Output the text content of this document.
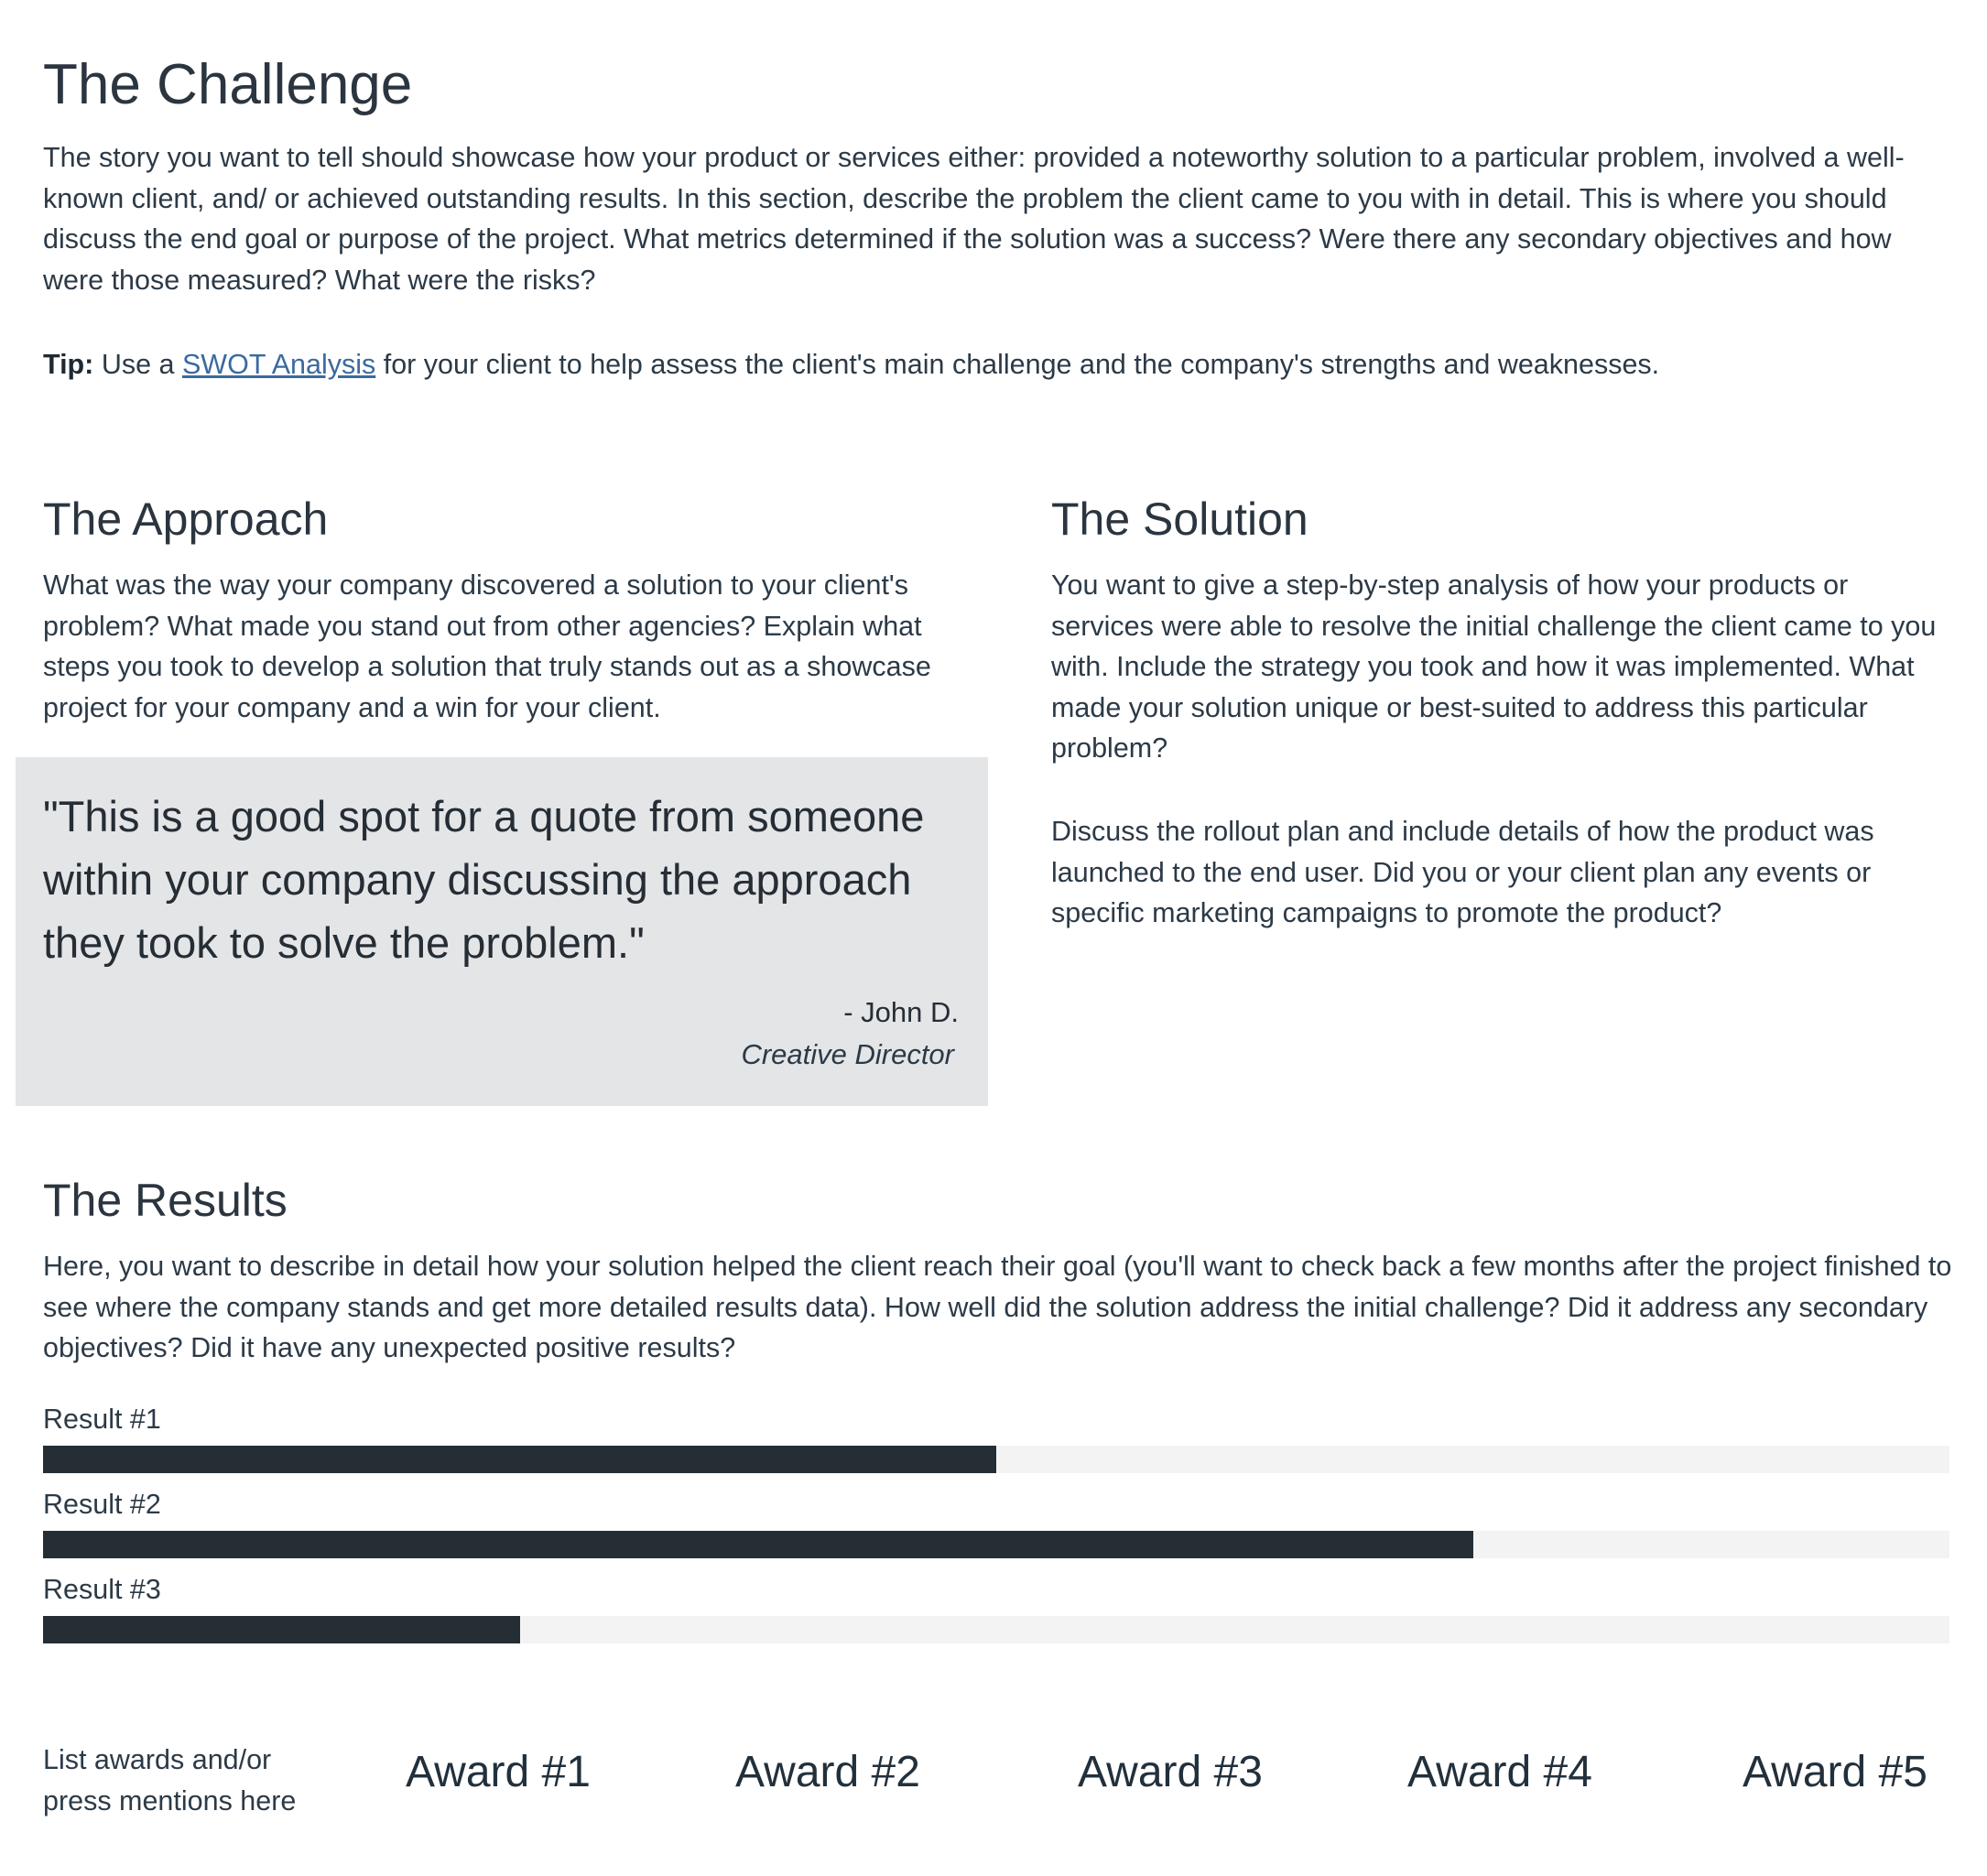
The Challenge

The story you want to tell should showcase how your product or services either: provided a noteworthy solution to a particular problem, involved a well-known client, and/ or achieved outstanding results. In this section, describe the problem the client came to you with in detail. This is where you should discuss the end goal or purpose of the project. What metrics determined if the solution was a success? Were there any secondary objectives and how were those measured? What were the risks?

Tip: Use a SWOT Analysis for your client to help assess the client's main challenge and the company's strengths and weaknesses.

The Approach

What was the way your company discovered a solution to your client's problem? What made you stand out from other agencies? Explain what steps you took to develop a solution that truly stands out as a showcase project for your company and a win for your client.

"This is a good spot for a quote from someone within your company discussing the approach they took to solve the problem."

- John D.
Creative Director
The Solution

You want to give a step-by-step analysis of how your products or services were able to resolve the initial challenge the client came to you with. Include the strategy you took and how it was implemented. What made your solution unique or best-suited to address this particular problem?

Discuss the rollout plan and include details of how the product was launched to the end user. Did you or your client plan any events or specific marketing campaigns to promote the product?

The Results

Here, you want to describe in detail how your solution helped the client reach their goal (you'll want to check back a few months after the project finished to see where the company stands and get more detailed results data). How well did the solution address the initial challenge? Did it address any secondary objectives? Did it have any unexpected positive results?

Result #1
Result #2
Result #3

List awards and/or press mentions here

Award #1	Award #2	Award #3	Award #4	Award #5
